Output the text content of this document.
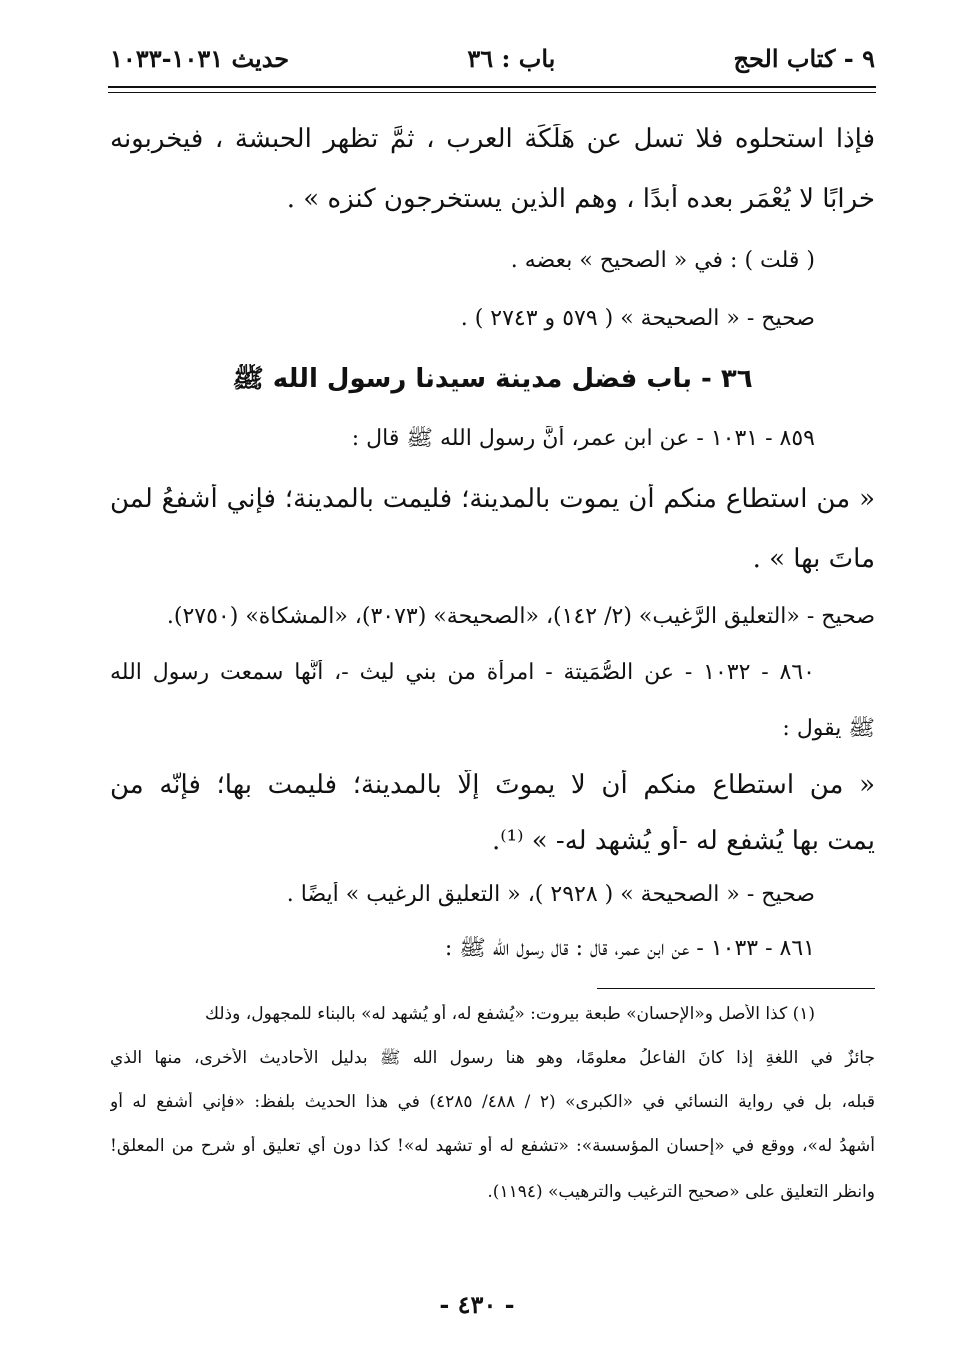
٩ - كتاب الحج
باب : ٣٦
حديث ١٠٣١-١٠٣٣
فإذا استحلوه فلا تسل عن هَلَكَة العرب ، ثمَّ تظهر الحبشة ، فيخربونه
خرابًا لا يُعْمَر بعده أبدًا ، وهم الذين يستخرجون كنزه » .
( قلت ) : في « الصحيح » بعضه .
صحيح - « الصحيحة » ( ٥٧٩ و ٢٧٤٣ ) .
٣٦ - باب فضل مدينة سيدنا رسول الله ﷺ
٨٥٩ - ١٠٣١ - عن ابن عمر، أنَّ رسول الله ﷺ قال :
« من استطاع منكم أن يموت بالمدينة؛ فليمت بالمدينة؛ فإني أشفعُ لمن
ماتَ بها » .
صحيح - «التعليق الرَّغيب» (٢/ ١٤٢)، «الصحيحة» (٣٠٧٣)، «المشكاة» (٢٧٥٠).
٨٦٠ - ١٠٣٢ - عن الصُّمَيتة - امرأة من بني ليث -، أنَّها سمعت رسول الله
ﷺ يقول :
« من استطاع منكم أن لا يموتَ إلّا بالمدينة؛ فليمت بها؛ فإنّه من
يمت بها يُشفع له -أو يُشهد له- » ⁽¹⁾.
صحيح - « الصحيحة » ( ٢٩٢٨ )، « التعليق الرغيب » أيضًا .
٨٦١ - ١٠٣٣ - عن ابن عمر، قال : قال رسول الله ﷺ :
(١) كذا الأصل و«الإحسان» طبعة بيروت: «يُشفع له، أو يُشهد له» بالبناء للمجهول، وذلك
جائزٌ في اللغةِ إذا كانَ الفاعلُ معلومًا، وهو هنا رسول الله ﷺ بدليل الأحاديث الأُخرى، منها الذي
قبله، بل في رواية النسائي في «الكبرى» (٢ / ٤٨٨/ ٤٢٨٥) في هذا الحديث بلفظ: «فإني أشفع له أو
أشهدُ له»، ووقع في «إحسان المؤسسة»: «تشفع له أو تشهد له»! كذا دون أي تعليق أو شرح من المعلق!
وانظر التعليق على «صحيح الترغيب والترهيب» (١١٩٤).
- ٤٣٠ -
